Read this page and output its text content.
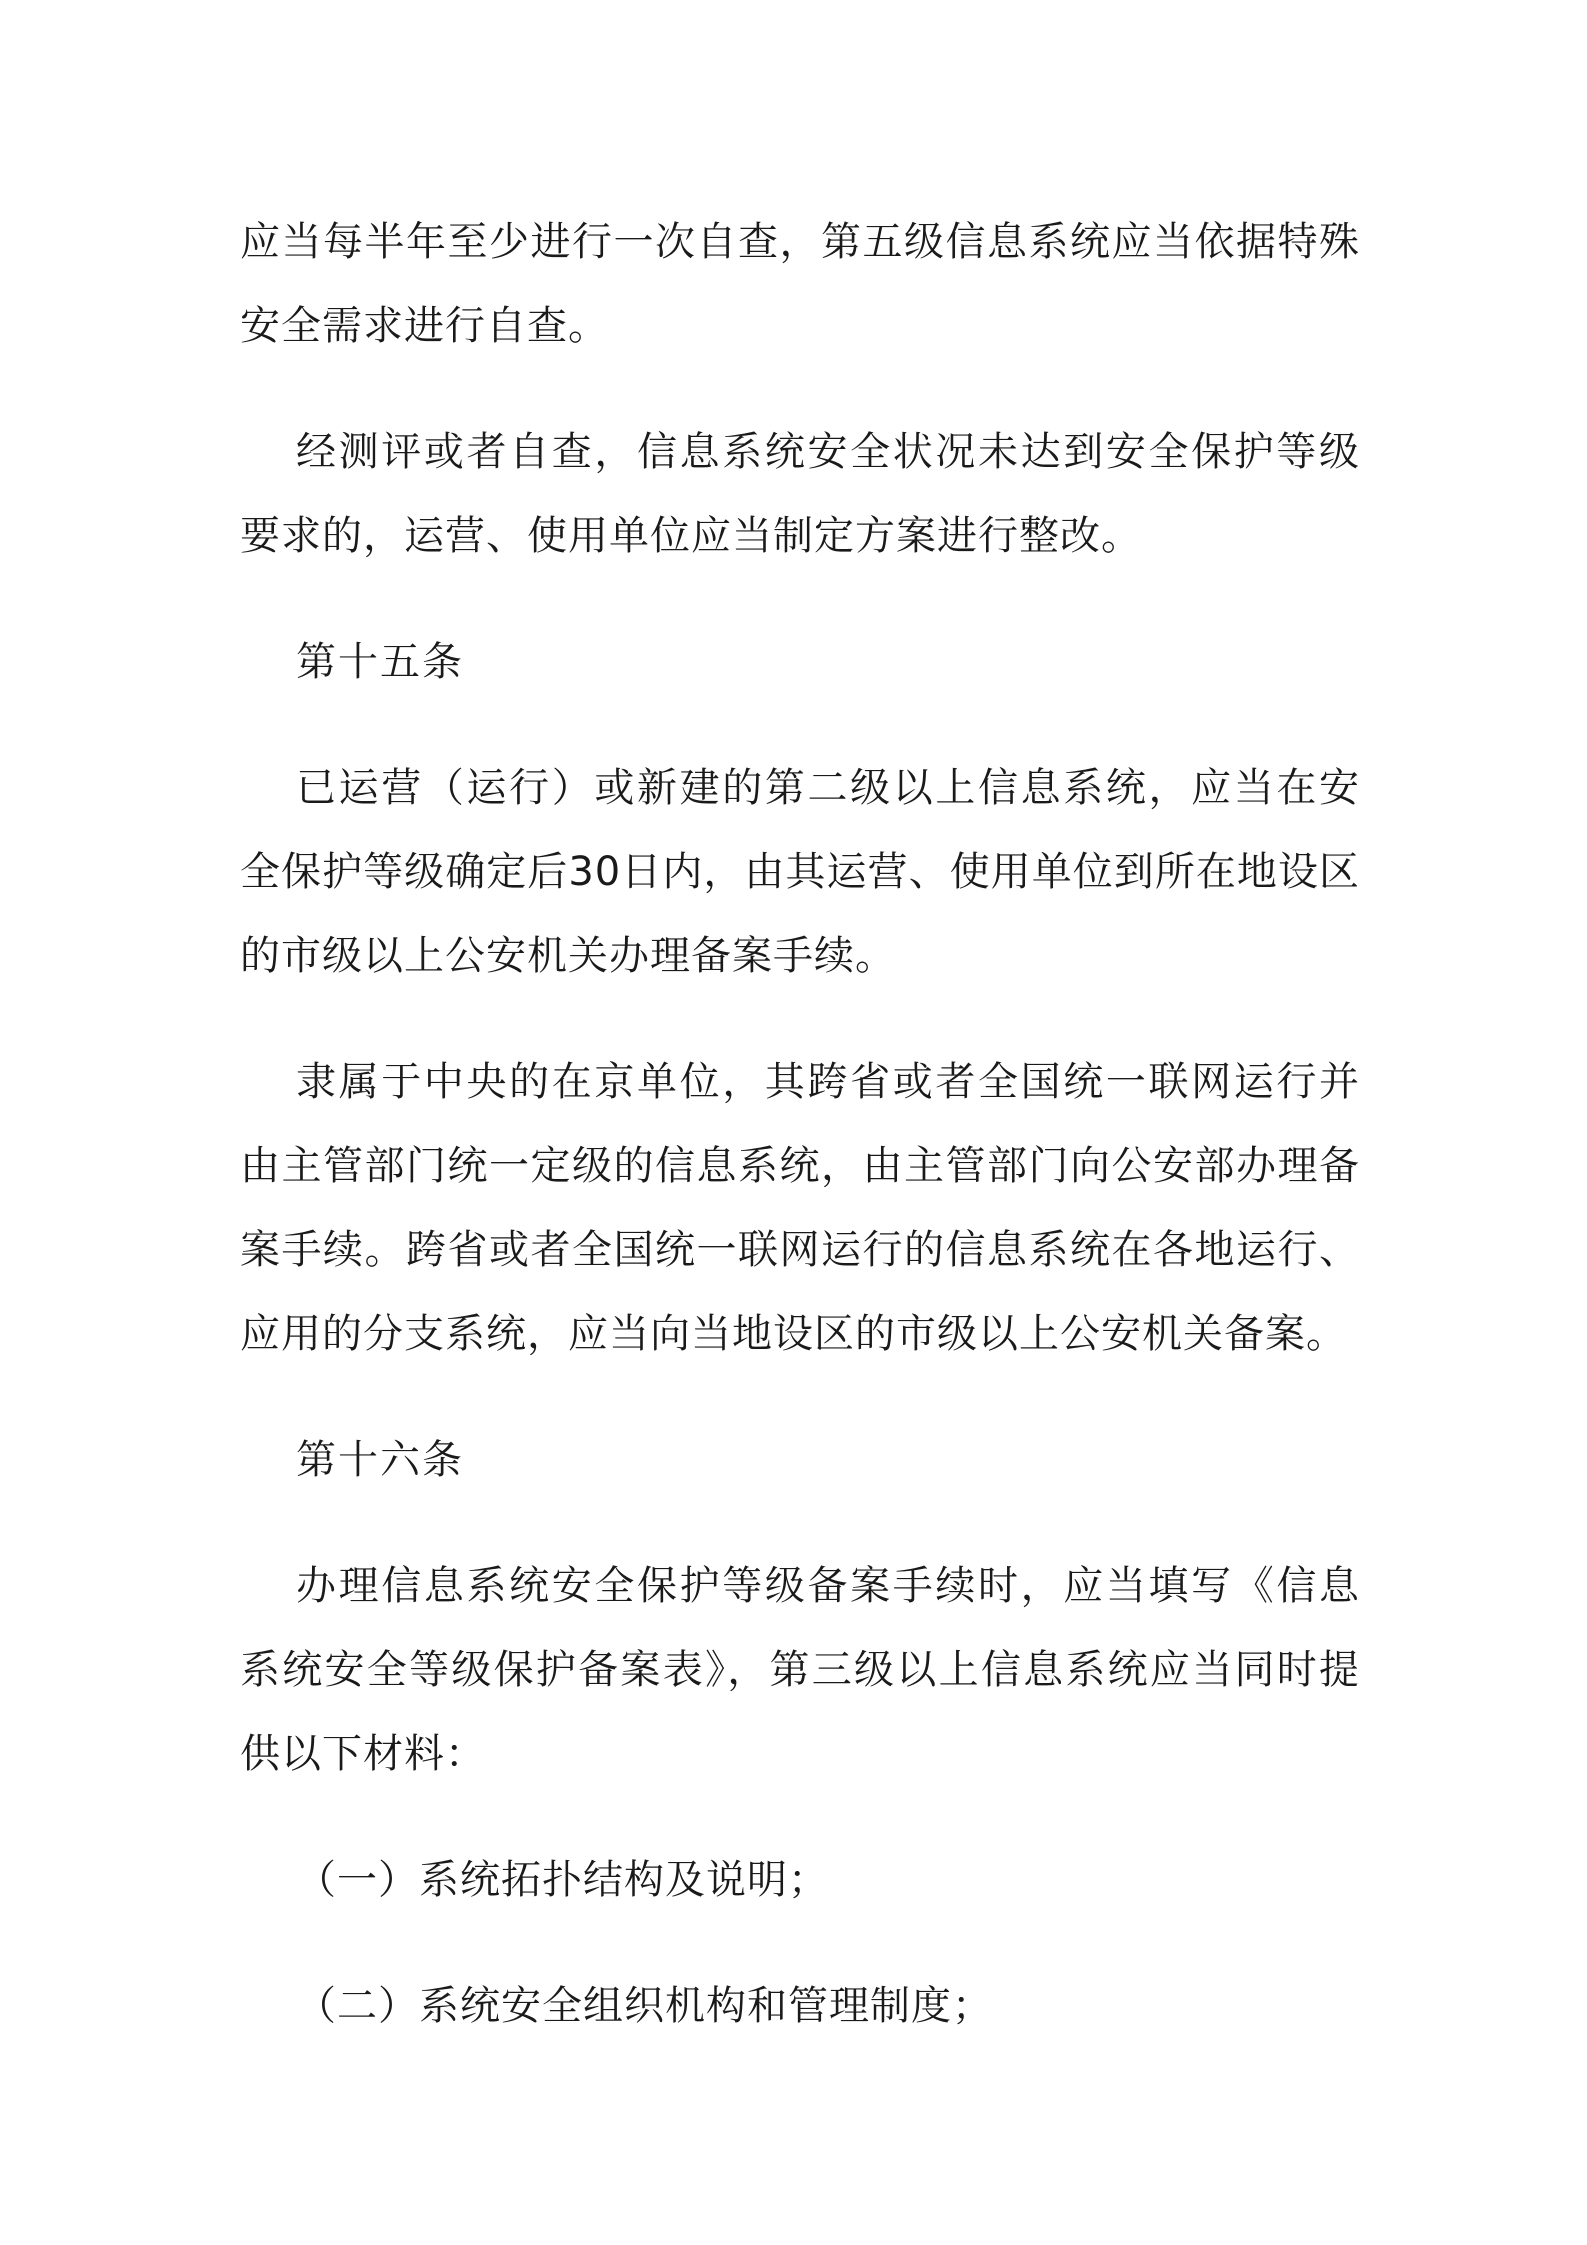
应当每半年至少进行一次自查，第五级信息系统应当依据特殊安全需求进行自查。

经测评或者自查，信息系统安全状况未达到安全保护等级要求的，运营、使用单位应当制定方案进行整改。

第十五条

已运营（运行）或新建的第二级以上信息系统，应当在安全保护等级确定后30日内，由其运营、使用单位到所在地设区的市级以上公安机关办理备案手续。

隶属于中央的在京单位，其跨省或者全国统一联网运行并由主管部门统一定级的信息系统，由主管部门向公安部办理备案手续。跨省或者全国统一联网运行的信息系统在各地运行、应用的分支系统，应当向当地设区的市级以上公安机关备案。

第十六条

办理信息系统安全保护等级备案手续时，应当填写《信息系统安全等级保护备案表》，第三级以上信息系统应当同时提供以下材料：

（一）系统拓扑结构及说明；

（二）系统安全组织机构和管理制度；
